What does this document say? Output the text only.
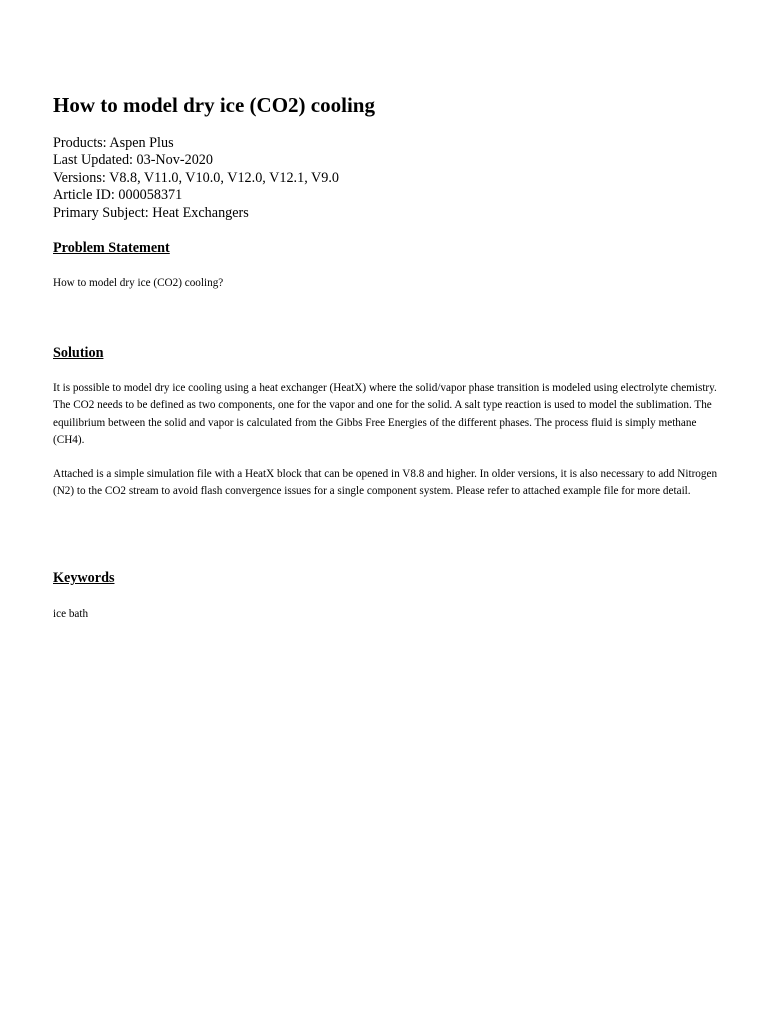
How to model dry ice (CO2) cooling
Products: Aspen Plus
Last Updated: 03-Nov-2020
Versions: V8.8, V11.0, V10.0, V12.0, V12.1, V9.0
Article ID: 000058371
Primary Subject: Heat Exchangers
Problem Statement

How to model dry ice (CO2) cooling?

Solution

It is possible to model dry ice cooling using a heat exchanger (HeatX) where the solid/vapor phase transition is modeled using electrolyte chemistry. The CO2 needs to be defined as two components, one for the vapor and one for the solid. A salt type reaction is used to model the sublimation. The equilibrium between the solid and vapor is calculated from the Gibbs Free Energies of the different phases. The process fluid is simply methane (CH4).

Attached is a simple simulation file with a HeatX block that can be opened in V8.8 and higher. In older versions, it is also necessary to add Nitrogen (N2) to the CO2 stream to avoid flash convergence issues for a single component system. Please refer to attached example file for more detail.

Keywords

ice bath
